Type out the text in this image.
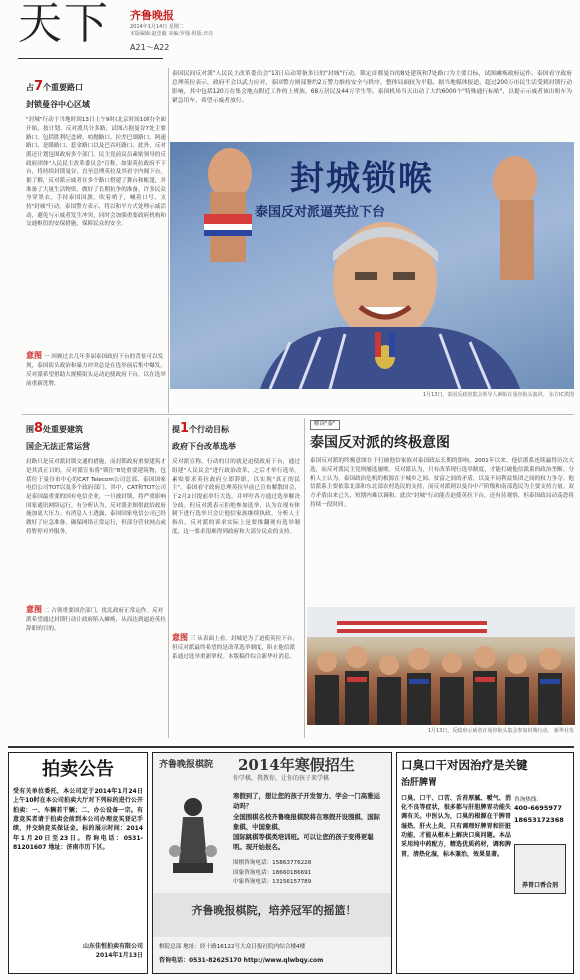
天下 齐鲁晚报
2014年1月14日 星期二
本版编辑:赵忠毅 美编:罗强 组版:庆亮
A21～A22
占7个重要路口
封锁曼谷中心区域
"封城"行动于当地时间13日上午9时(北京时间10时)全面开始，按计划，反对派共分多路，试图占据曼谷7处主要路口，包括胜利纪念碑、叻抛路口、拉差巴颂路口、阿速路口、是隆路口、惹金路口以及巴吞旺路口。此外，反对派还计划包围政府多个部门。民主党前议员素贴领导的反政府团体"人民民主改革委员会"宣称，如果英拉政府不下台，将持续封锁曼谷，直至总理英拉及其看守内阁下台。据了解，反对派示威者在多个路口搭建了舞台和帐篷，并准备了大量生活物资，做好了长期抗争的准备。许多民众身穿黑衣，手持泰国国旗，吹着哨子，喊着口号，支持"封城"行动。泰国警方表示，将以和平方式处理示威活动，避免与示威者发生冲突，同时会加强重要政府机构和交通枢纽的安保措施，保障民众的安全。
意图 一 回顾过去几年多届泰国政府下台的背景可以发现，泰国街头政治和暴力冲突总是在选举前后集中爆发，反对派希望借助大规模街头运动迫使政府下台，以在选举前重新洗牌。
泰国民间反对派"人民民主改革委员会"13日启动筹备多日的"封城"行动，锁定首都曼谷的8处建筑和7处路口为主要目标，试图瘫痪政府运作。泰国看守政府总理英拉表示，政府不会以武力应对，泰国警方则部署约2万警力维持安全与秩序，整体局面较为平稳。据当地媒体报道，超过200万市民生活受到封锁行动影响，其中包括120万在集会地点附近工作的上班族，68万居民及44万学生等。泰国机场当天出动了大约6000个"特殊通行标贴"，以提示示威者该出租车为紧急用车，希望示威者放行。
封城锁喉
泰国反对派逼英拉下台
1月13日，泰国反政府集会领导人素帖在曼谷街头演讲。 东方IC供图
围8处重要建筑
国企无法正常运营
封路只是反对派封锁交通的措施，而封锁政府重要建筑才是其真正目的。反对派宣布将"锁住"8处重要建筑物，包括位于曼谷市中心的CAT Telecom公司总部、泰国国家电信公司TOT以及多个政府部门。其中，CAT和TOT公司是泰国最重要的国有电信企业，一旦被封锁，将严重影响国家通讯网络运行。有分析认为，反对派企图借此给政府施加更大压力。有消息人士透露，泰国国家电信公司已经做好了应急准备，确保网络正常运行，但部分营业网点或将暂停对外服务。
意图 二 占领重要国企部门，扰乱政府正常运作。反对派希望通过封锁行动让政府陷入瘫痪，从而达到逼迫英拉辞职的目的。
提1个行动目标
政府下台改革选举
反对派宣称，行动的目的就是迫使政府下台，通过组建"人民议会"进行政治改革，之后才举行选举。素贴要求英拉政府立即辞职，以实现"真正的民主"。泰国看守政府总理英拉早前已宣布解散国会，于2月2日提前举行大选，并呼吁各方通过选举解决分歧。但反对派表示拒绝参加选举，认为在现有体制下进行选举只会让他信家族继续执政。分析人士指出，反对派的诉求实际上是要推翻现有选举制度，这一要求很难得到政府和大部分民众的支持。
意图 三 从表面上看，封城是为了迫使英拉下台，但反对派最终希望的是改革选举制度，阻止他信派系通过选举重新掌权。本版稿件综合新华社消息。
解读"泰"
泰国反对派的终极意图
泰国反对派的终极意图在于打破他信家族对泰国政坛长期的影响。2001年以来，他信派系连续赢得历次大选，而反对派民主党则屡选屡败。反对派认为，只有改革现行选举制度，才能打破他信派系的政治垄断。分析人士认为，泰国政治危机的根源在于城乡之间、贫富之间的矛盾，以及不同利益集团之间的权力争夺。他信派系主要依靠北部和东北部农村选民的支持，而反对派则以曼谷中产阶级和南部选民为主要支持力量。双方矛盾由来已久，短期内难以调和。此次"封城"行动能否迫使英拉下台，还有待观察，但泰国政局动荡恐将持续一段时间。
1月13日，反政府示威者在曼谷街头集会参加封城行动。 新华社发
拍卖公告
受有关单位委托，本公司定于2014年1月24日上午10时在本公司拍卖大厅对下列标的进行公开拍卖：一、车辆若干辆；二、办公设备一宗。有意竞买者请于拍卖会前到本公司办理竞买登记手续，并交纳竞买保证金。标的展示时间：2014年1月20日至23日。咨询电话：0531-81201607 地址：济南市历下区。
山东佳恒拍卖有限公司
2014年1月13日
齐鲁晚报棋院 2014年寒假招生
你学棋，我教你，让你的孩子来学棋
寒假到了，想让您的孩子开发智力、学会一门高雅运动吗？
全国围棋名校齐鲁晚报棋院将在寒假开设围棋、国际象棋、中国象棋、
国际跳棋等棋类培训班。可以让您的孩子变得更聪明。现开始报名。
围棋咨询电话：15863776228
国象咨询电话：18660186691
中象咨询电话：13156157789
齐鲁晚报棋院，培养冠军的摇篮！
棋院总部 地址：经十路16122号大众日报社院内综合楼4楼
咨询电话：0531-82625170 http://www.qlwbqy.com
口臭口干对因治疗是关键
治肝脾胃
口臭、口干、口苦、舌苔厚腻、嗳气、消化不良等症状，很多都与肝胆脾胃功能失调有关。中医认为，口臭的根源在于脾胃湿热、肝火上炎，只有调理好脾胃和肝脏功能，才能从根本上解决口臭问题。本品采用纯中药配方，精选优质药材，调和脾胃，清热化湿，标本兼治，效果显著。
咨询热线：
400-6695977
18653172368
养胃口香合剂
